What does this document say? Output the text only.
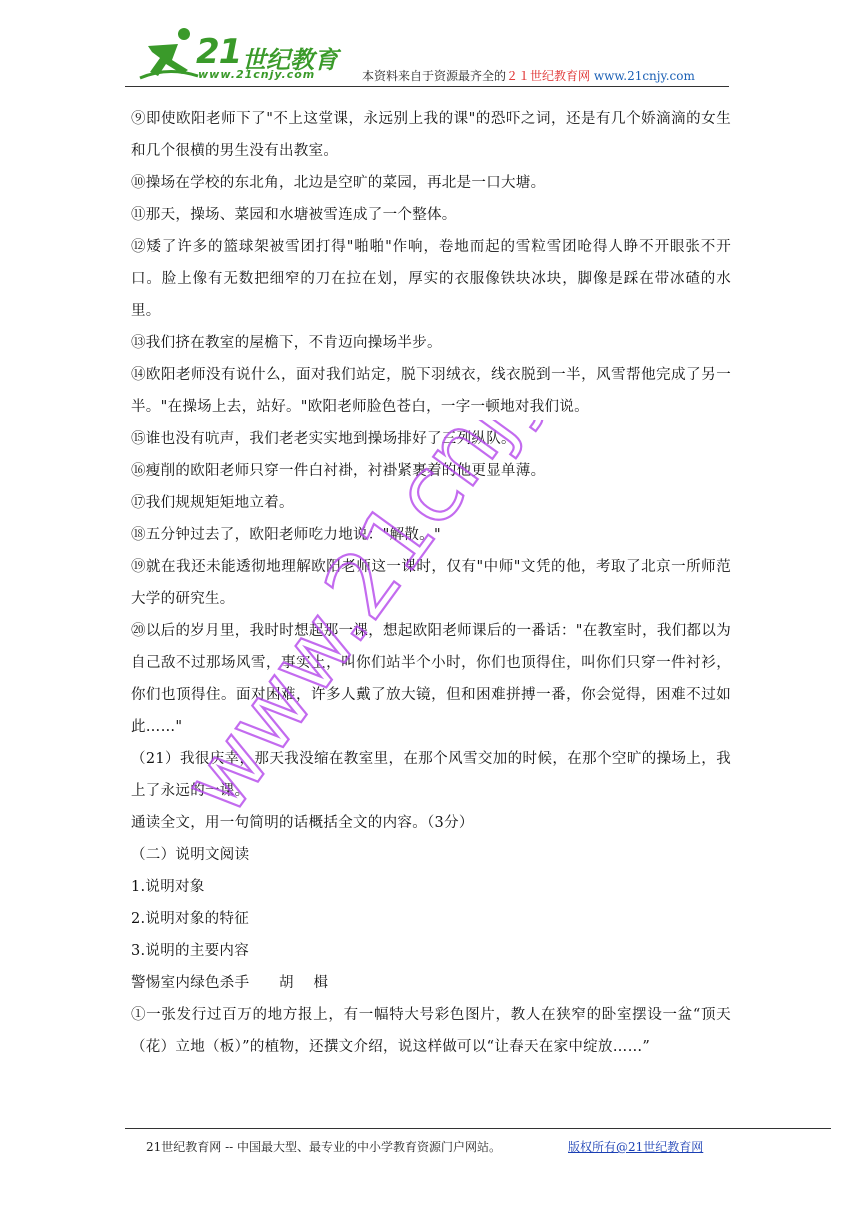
21 世纪教育
www.21cnjy.com	本资料来自于资源最齐全的２１世纪教育网 www.21cnjy.com

⑨即使欧阳老师下了"不上这堂课，永远别上我的课"的恐吓之词，还是有几个娇滴滴的女生和几个很横的男生没有出教室。

⑩操场在学校的东北角，北边是空旷的菜园，再北是一口大塘。

⑪那天，操场、菜园和水塘被雪连成了一个整体。

⑫矮了许多的篮球架被雪团打得"啪啪"作响，卷地而起的雪粒雪团呛得人睁不开眼张不开口。脸上像有无数把细窄的刀在拉在划，厚实的衣服像铁块冰块，脚像是踩在带冰碴的水里。

⑬我们挤在教室的屋檐下，不肯迈向操场半步。

⑭欧阳老师没有说什么，面对我们站定，脱下羽绒衣，线衣脱到一半，风雪帮他完成了另一半。"在操场上去，站好。"欧阳老师脸色苍白，一字一顿地对我们说。

⑮谁也没有吭声，我们老老实实地到操场排好了三列纵队。

⑯瘦削的欧阳老师只穿一件白衬褂，衬褂紧裹着的他更显单薄。

⑰我们规规矩矩地立着。

⑱五分钟过去了，欧阳老师吃力地说："解散。"

⑲就在我还未能透彻地理解欧阳老师这一课时，仅有"中师"文凭的他，考取了北京一所师范大学的研究生。

⑳以后的岁月里，我时时想起那一课，想起欧阳老师课后的一番话："在教室时，我们都以为自己敌不过那场风雪，事实上，叫你们站半个小时，你们也顶得住，叫你们只穿一件衬衫，你们也顶得住。面对困难，许多人戴了放大镜，但和困难拼搏一番，你会觉得，困难不过如此……"

（21）我很庆幸，那天我没缩在教室里，在那个风雪交加的时候，在那个空旷的操场上，我上了永远的一课。

通读全文，用一句简明的话概括全文的内容。（3分）

（二）说明文阅读

1.说明对象

2.说明对象的特征

3.说明的主要内容

警惕室内绿色杀手　　胡　 楫

①一张发行过百万的地方报上，有一幅特大号彩色图片，教人在狭窄的卧室摆设一盆“顶天（花）立地（板）”的植物，还撰文介绍，说这样做可以“让春天在家中绽放……”

www.21cnjy.com
21世纪教育网 -- 中国最大型、最专业的中小学教育资源门户网站。	版权所有@21世纪教育网
